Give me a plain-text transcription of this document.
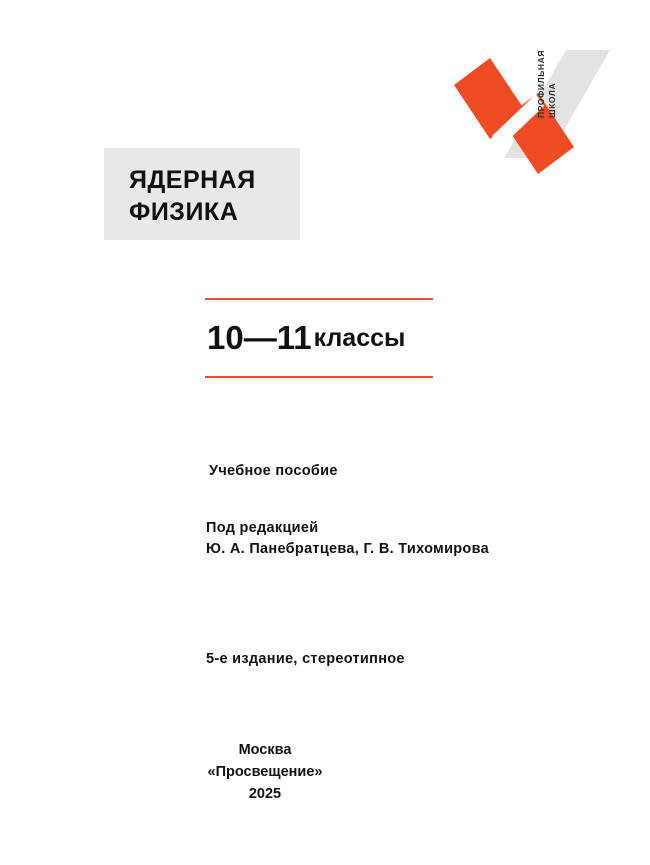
ПРОФИЛЬНАЯ
ШКОЛА
ЯДЕРНАЯ
ФИЗИКА
10—11 классы
Учебное пособие
Под редакцией
Ю. А. Панебратцева, Г. В. Тихомирова
5-е издание, стереотипное
Москва
«Просвещение»
2025
